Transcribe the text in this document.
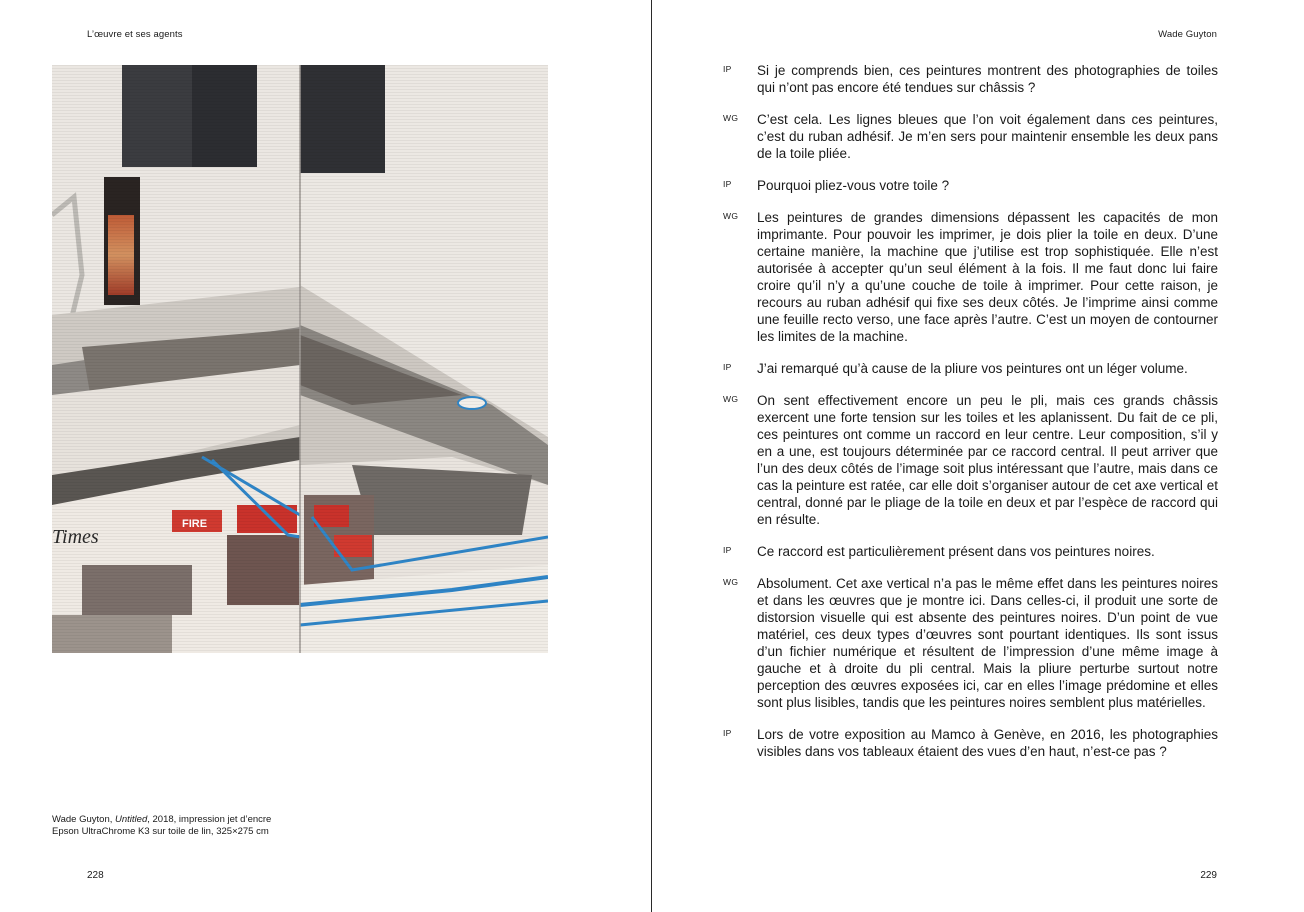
L’œuvre et ses agents
Wade Guyton, Untitled, 2018, impression jet d’encre
Epson UltraChrome K3 sur toile de lin, 325×275 cm
228
Wade Guyton
IP Si je comprends bien, ces peintures montrent des photographies de toiles qui n’ont pas encore été tendues sur châssis ?
WG C’est cela. Les lignes bleues que l’on voit également dans ces peintures, c’est du ruban adhésif. Je m’en sers pour maintenir ensemble les deux pans de la toile pliée.
IP Pourquoi pliez-vous votre toile ?
WG Les peintures de grandes dimensions dépassent les capacités de mon imprimante. Pour pouvoir les imprimer, je dois plier la toile en deux. D’une certaine manière, la machine que j’utilise est trop sophistiquée. Elle n’est autorisée à accepter qu’un seul élément à la fois. Il me faut donc lui faire croire qu’il n’y a qu’une couche de toile à imprimer. Pour cette raison, je recours au ruban adhésif qui fixe ses deux côtés. Je l’imprime ainsi comme une feuille recto verso, une face après l’autre. C’est un moyen de contourner les limites de la machine.
IP J’ai remarqué qu’à cause de la pliure vos peintures ont un léger volume.
WG On sent effectivement encore un peu le pli, mais ces grands châssis exercent une forte tension sur les toiles et les aplanissent. Du fait de ce pli, ces peintures ont comme un raccord en leur centre. Leur composition, s’il y en a une, est toujours déterminée par ce raccord central. Il peut arriver que l’un des deux côtés de l’image soit plus intéressant que l’autre, mais dans ce cas la peinture est ratée, car elle doit s’organiser autour de cet axe vertical et central, donné par le pliage de la toile en deux et par l’espèce de raccord qui en résulte.
IP Ce raccord est particulièrement présent dans vos peintures noires.
WG Absolument. Cet axe vertical n’a pas le même effet dans les peintures noires et dans les œuvres que je montre ici. Dans celles-ci, il produit une sorte de distorsion visuelle qui est absente des peintures noires. D’un point de vue matériel, ces deux types d’œuvres sont pourtant identiques. Ils sont issus d’un fichier numérique et résultent de l’impression d’une même image à gauche et à droite du pli central. Mais la pliure perturbe surtout notre perception des œuvres exposées ici, car en elles l’image prédomine et elles sont plus lisibles, tandis que les peintures noires semblent plus matérielles.
IP Lors de votre exposition au Mamco à Genève, en 2016, les photographies visibles dans vos tableaux étaient des vues d’en haut, n’est-ce pas ?
229
